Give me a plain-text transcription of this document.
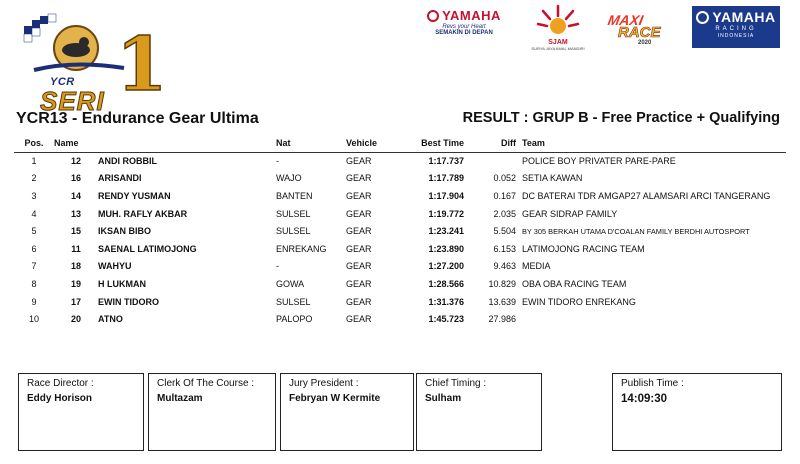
YCR
SERI 1
YAMAHA
Revs your Heart
SEMAKIN DI DEPAN
SJAM
SURYA JAYA AMAL MANDIRI
MAXI
RACE
2020
YAMAHA
RACING
INDONESIA
YCR13 - Endurance Gear Ultima	RESULT : GRUP B - Free Practice + Qualifying
Pos.	Name		Nat	Vehicle	Best Time	Diff	Team
1	12	ANDI ROBBIL	-	GEAR	1:17.737		POLICE BOY PRIVATER PARE-PARE
2	16	ARISANDI	WAJO	GEAR	1:17.789	0.052	SETIA KAWAN
3	14	RENDY YUSMAN	BANTEN	GEAR	1:17.904	0.167	DC BATERAI TDR AMGAP27 ALAMSARI ARCI TANGERANG
4	13	MUH. RAFLY AKBAR	SULSEL	GEAR	1:19.772	2.035	GEAR SIDRAP FAMILY
5	15	IKSAN BIBO	SULSEL	GEAR	1:23.241	5.504	BY 305 BERKAH UTAMA D'COALAN FAMILY BERDHI AUTOSPORT
6	11	SAENAL LATIMOJONG	ENREKANG	GEAR	1:23.890	6.153	LATIMOJONG RACING TEAM
7	18	WAHYU	-	GEAR	1:27.200	9.463	MEDIA
8	19	H LUKMAN	GOWA	GEAR	1:28.566	10.829	OBA OBA RACING TEAM
9	17	EWIN TIDORO	SULSEL	GEAR	1:31.376	13.639	EWIN TIDORO ENREKANG
10	20	ATNO	PALOPO	GEAR	1:45.723	27.986	
Race Director :
Eddy Horison
Clerk Of The Course :
Multazam
Jury President :
Febryan W Kermite
Chief Timing :
Sulham
Publish Time :
14:09:30
